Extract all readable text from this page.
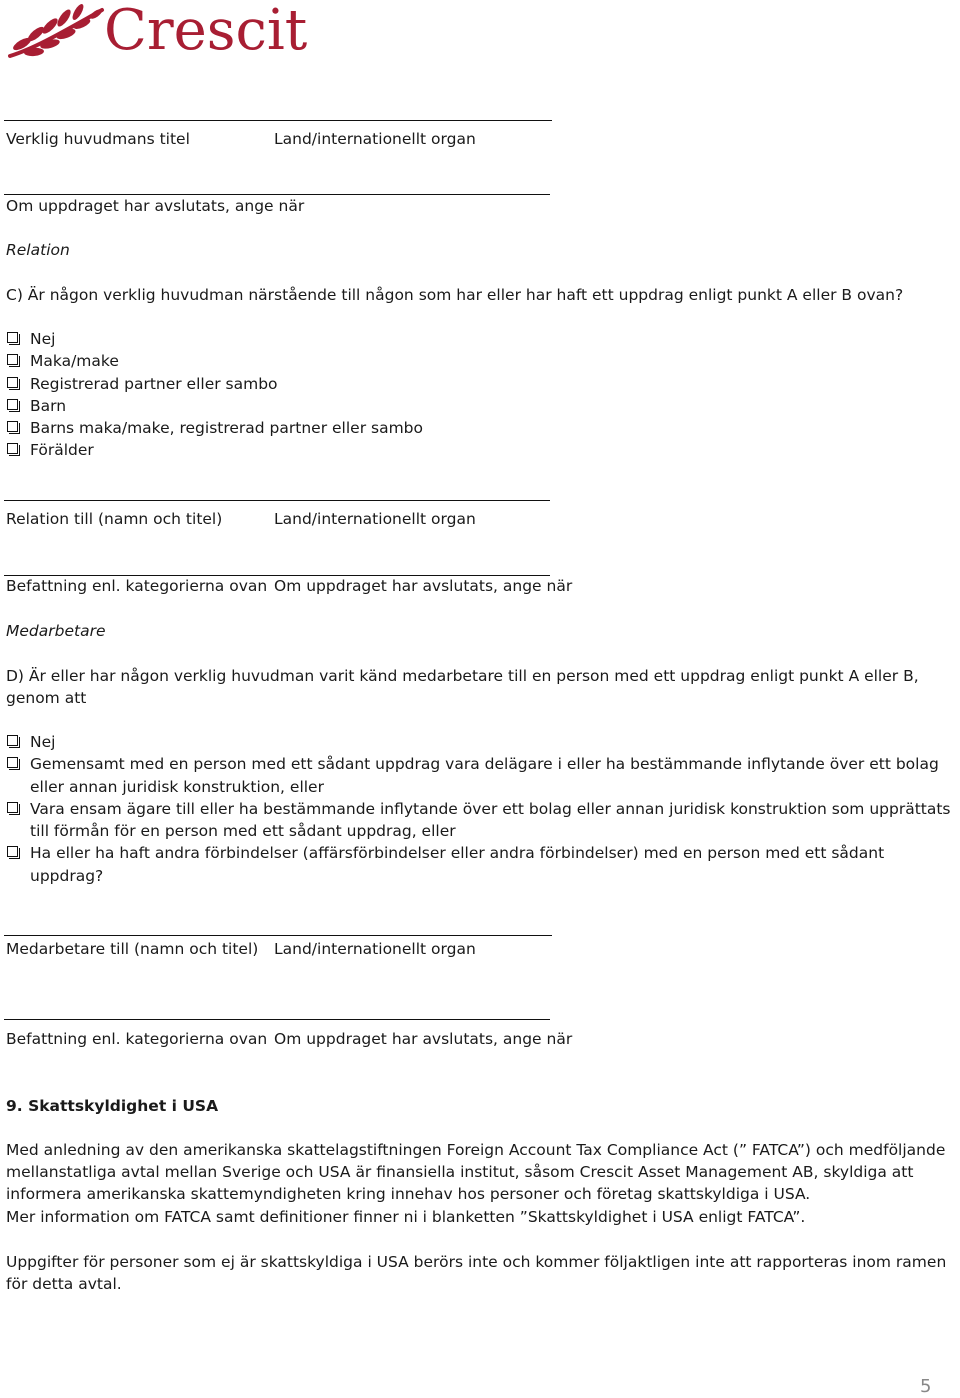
Crescit
Verklig huvudmans titel	Land/internationellt organ
Om uppdraget har avslutats, ange när
Relation
C) Är någon verklig huvudman närstående till någon som har eller har haft ett uppdrag enligt punkt A eller B ovan?
Nej
Maka/make
Registrerad partner eller sambo
Barn
Barns maka/make, registrerad partner eller sambo
Förälder
Relation till (namn och titel)	Land/internationellt organ
Befattning enl. kategorierna ovan Om uppdraget har avslutats, ange när
Medarbetare
D) Är eller har någon verklig huvudman varit känd medarbetare till en person med ett uppdrag enligt punkt A eller B, genom att
Nej
Gemensamt med en person med ett sådant uppdrag vara delägare i eller ha bestämmande inflytande över ett bolag eller annan juridisk konstruktion, eller
Vara ensam ägare till eller ha bestämmande inflytande över ett bolag eller annan juridisk konstruktion som upprättats till förmån för en person med ett sådant uppdrag, eller
Ha eller ha haft andra förbindelser (affärsförbindelser eller andra förbindelser) med en person med ett sådant uppdrag?
Medarbetare till (namn och titel) Land/internationellt organ
Befattning enl. kategorierna ovan Om uppdraget har avslutats, ange när
9. Skattskyldighet i USA
Med anledning av den amerikanska skattelagstiftningen Foreign Account Tax Compliance Act (” FATCA”) och medföljande mellanstatliga avtal mellan Sverige och USA är finansiella institut, såsom Crescit Asset Management AB, skyldiga att informera amerikanska skattemyndigheten kring innehav hos personer och företag skattskyldiga i USA.
Mer information om FATCA samt definitioner finner ni i blanketten ”Skattskyldighet i USA enligt FATCA”.
Uppgifter för personer som ej är skattskyldiga i USA berörs inte och kommer följaktligen inte att rapporteras inom ramen för detta avtal.
5
